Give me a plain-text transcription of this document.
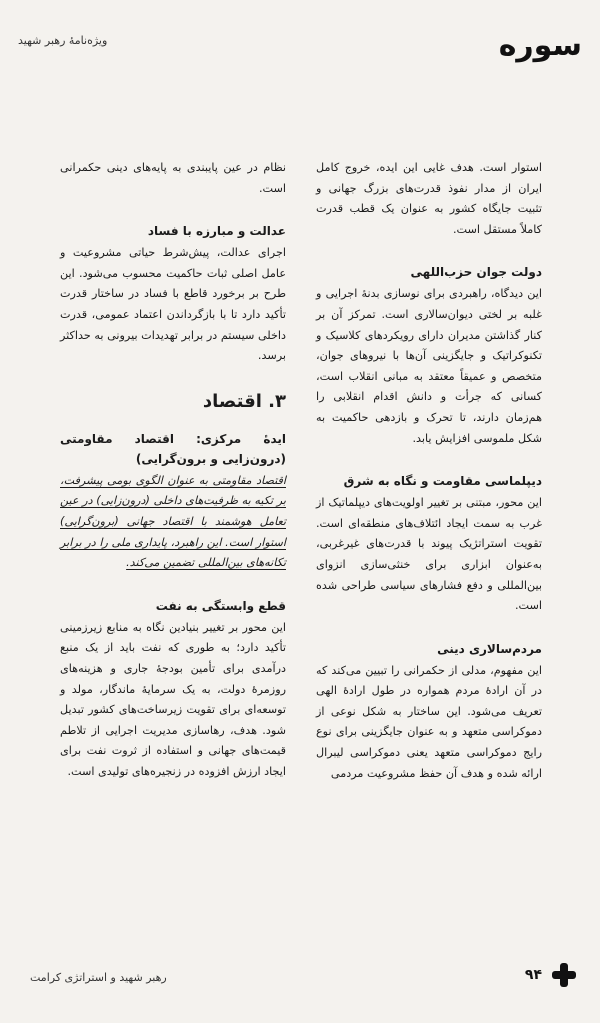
سوره
ویژه‌نامهٔ رهبر شهید

استوار است. هدف غایی این ایده، خروج کامل ایران از مدار نفوذ قدرت‌های بزرگ جهانی و تثبیت جایگاه کشور به عنوان یک قطب قدرت کاملاً مستقل است.

دولت جوان حزب‌اللهی

این دیدگاه، راهبردی برای نوسازی بدنهٔ اجرایی و غلبه بر لختی دیوان‌سالاری است. تمرکز آن بر کنار گذاشتن مدیران دارای رویکردهای کلاسیک و تکنوکراتیک و جایگزینی آن‌ها با نیروهای جوان، متخصص و عمیقاً معتقد به مبانی انقلاب است، کسانی که جرأت و دانش اقدام انقلابی را هم‌زمان دارند، تا تحرک و بازدهی حاکمیت به شکل ملموسی افزایش یابد.

دیپلماسی مقاومت و نگاه به شرق

این محور، مبتنی بر تغییر اولویت‌های دیپلماتیک از غرب به سمت ایجاد ائتلاف‌های منطقه‌ای است. تقویت استراتژیک پیوند با قدرت‌های غیرغربی، به‌عنوان ابزاری برای خنثی‌سازی انزوای بین‌المللی و دفع فشارهای سیاسی طراحی شده است.

مردم‌سالاری دینی

این مفهوم، مدلی از حکمرانی را تبیین می‌کند که در آن ارادهٔ مردم همواره در طول ارادهٔ الهی تعریف می‌شود. این ساختار به شکل نوعی از دموکراسی متعهد و به عنوان جایگزینی برای نوع رایج دموکراسی متعهد یعنی دموکراسی لیبرال ارائه شده و هدف آن حفظ مشروعیت مردمی

نظام در عین پایبندی به پایه‌های دینی حکمرانی است.

عدالت و مبارزه با فساد

اجرای عدالت، پیش‌شرط حیاتی مشروعیت و عامل اصلی ثبات حاکمیت محسوب می‌شود. این طرح بر برخورد قاطع با فساد در ساختار قدرت تأکید دارد تا با بازگرداندن اعتماد عمومی، قدرت داخلی سیستم در برابر تهدیدات بیرونی به حداکثر برسد.

۳. اقتصاد
ایدهٔ مرکزی: اقتصاد مقاومتی (درون‌زایی و برون‌گرایی)

اقتصاد مقاومتی به عنوان الگوی بومی پیشرفت، بر تکیه به ظرفیت‌های داخلی (درون‌زایی) در عین تعامل هوشمند با اقتصاد جهانی (برون‌گرایی) استوار است. این راهبرد، پایداری ملی را در برابر تکانه‌های بین‌المللی تضمین می‌کند.

قطع وابستگی به نفت

این محور بر تغییر بنیادین نگاه به منابع زیرزمینی تأکید دارد؛ به طوری که نفت باید از یک منبع درآمدی برای تأمین بودجهٔ جاری و هزینه‌های روزمرهٔ دولت، به یک سرمایهٔ ماندگار، مولد و توسعه‌ای برای تقویت زیرساخت‌های کشور تبدیل شود. هدف، رهاسازی مدیریت اجرایی از تلاطم قیمت‌های جهانی و استفاده از ثروت نفت برای ایجاد ارزش افزوده در زنجیره‌های تولیدی است.

۹۴
رهبر شهید و استراتژی کرامت
